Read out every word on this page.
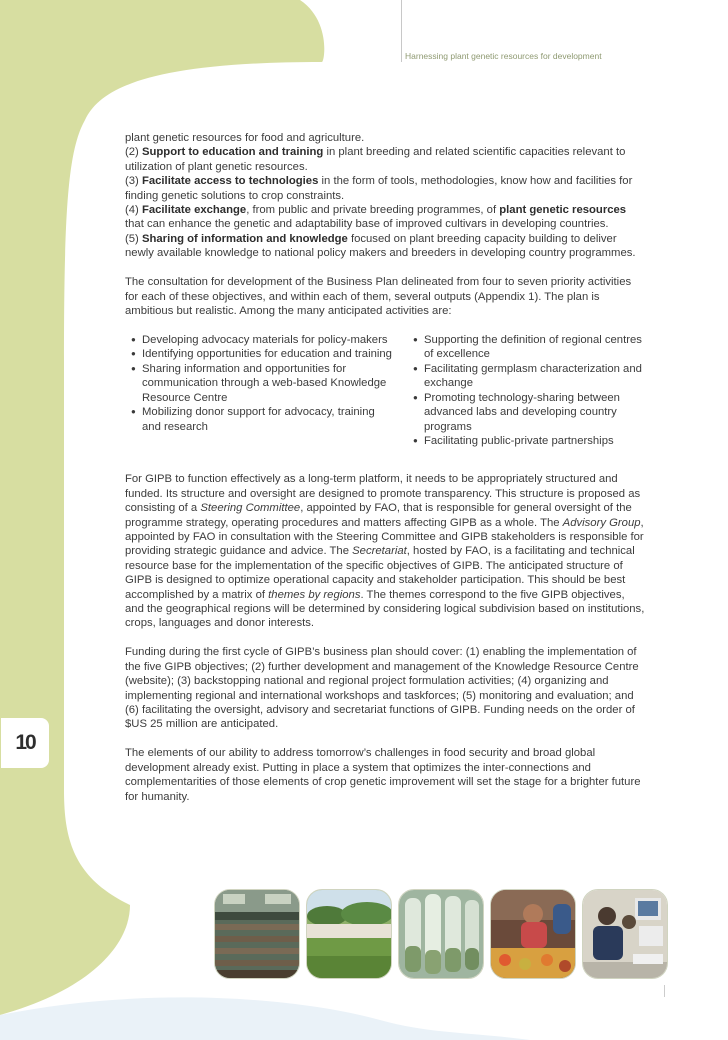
Harnessing plant genetic resources for development
10

plant genetic resources for food and agriculture.
(2) Support to education and training in plant breeding and related scientific capacities relevant to utilization of plant genetic resources.
(3) Facilitate access to technologies in the form of tools, methodologies, know how and facilities for finding genetic solutions to crop constraints.
(4) Facilitate exchange, from public and private breeding programmes, of plant genetic resources that can enhance the genetic and adaptability base of improved cultivars in developing countries.
(5) Sharing of information and knowledge focused on plant breeding capacity building to deliver newly available knowledge to national policy makers and breeders in developing country programmes.

The consultation for development of the Business Plan delineated from four to seven priority activities for each of these objectives, and within each of them, several outputs (Appendix 1). The plan is ambitious but realistic. Among the many anticipated activities are:

● Developing advocacy materials for policy-makers
● Identifying opportunities for education and training
● Sharing information and opportunities for communication through a web-based Knowledge Resource Centre
● Mobilizing donor support for advocacy, training and research
● Supporting the definition of regional centres of excellence
● Facilitating germplasm characterization and exchange
● Promoting technology-sharing between advanced labs and developing country programs
● Facilitating public-private partnerships

For GIPB to function effectively as a long-term platform, it needs to be appropriately structured and funded. Its structure and oversight are designed to promote transparency. This structure is proposed as consisting of a Steering Committee, appointed by FAO, that is responsible for general oversight of the programme strategy, operating procedures and matters affecting GIPB as a whole. The Advisory Group, appointed by FAO in consultation with the Steering Committee and GIPB stakeholders is responsible for providing strategic guidance and advice. The Secretariat, hosted by FAO, is a facilitating and technical resource base for the implementation of the specific objectives of GIPB. The anticipated structure of GIPB is designed to optimize operational capacity and stakeholder participation. This should be best accomplished by a matrix of themes by regions. The themes correspond to the five GIPB objectives, and the geographical regions will be determined by considering logical subdivision based on institutions, crops, languages and donor interests.

Funding during the first cycle of GIPB’s business plan should cover: (1) enabling the implementation of the five GIPB objectives; (2) further development and management of the Knowledge Resource Centre (website); (3) backstopping national and regional project formulation activities; (4) organizing and implementing regional and international workshops and taskforces; (5) monitoring and evaluation; and (6) facilitating the oversight, advisory and secretariat functions of GIPB. Funding needs on the order of $US 25 million are anticipated.

The elements of our ability to address tomorrow’s challenges in food security and broad global development already exist. Putting in place a system that optimizes the inter-connections and complementarities of those elements of crop genetic improvement will set the stage for a brighter future for humanity.
